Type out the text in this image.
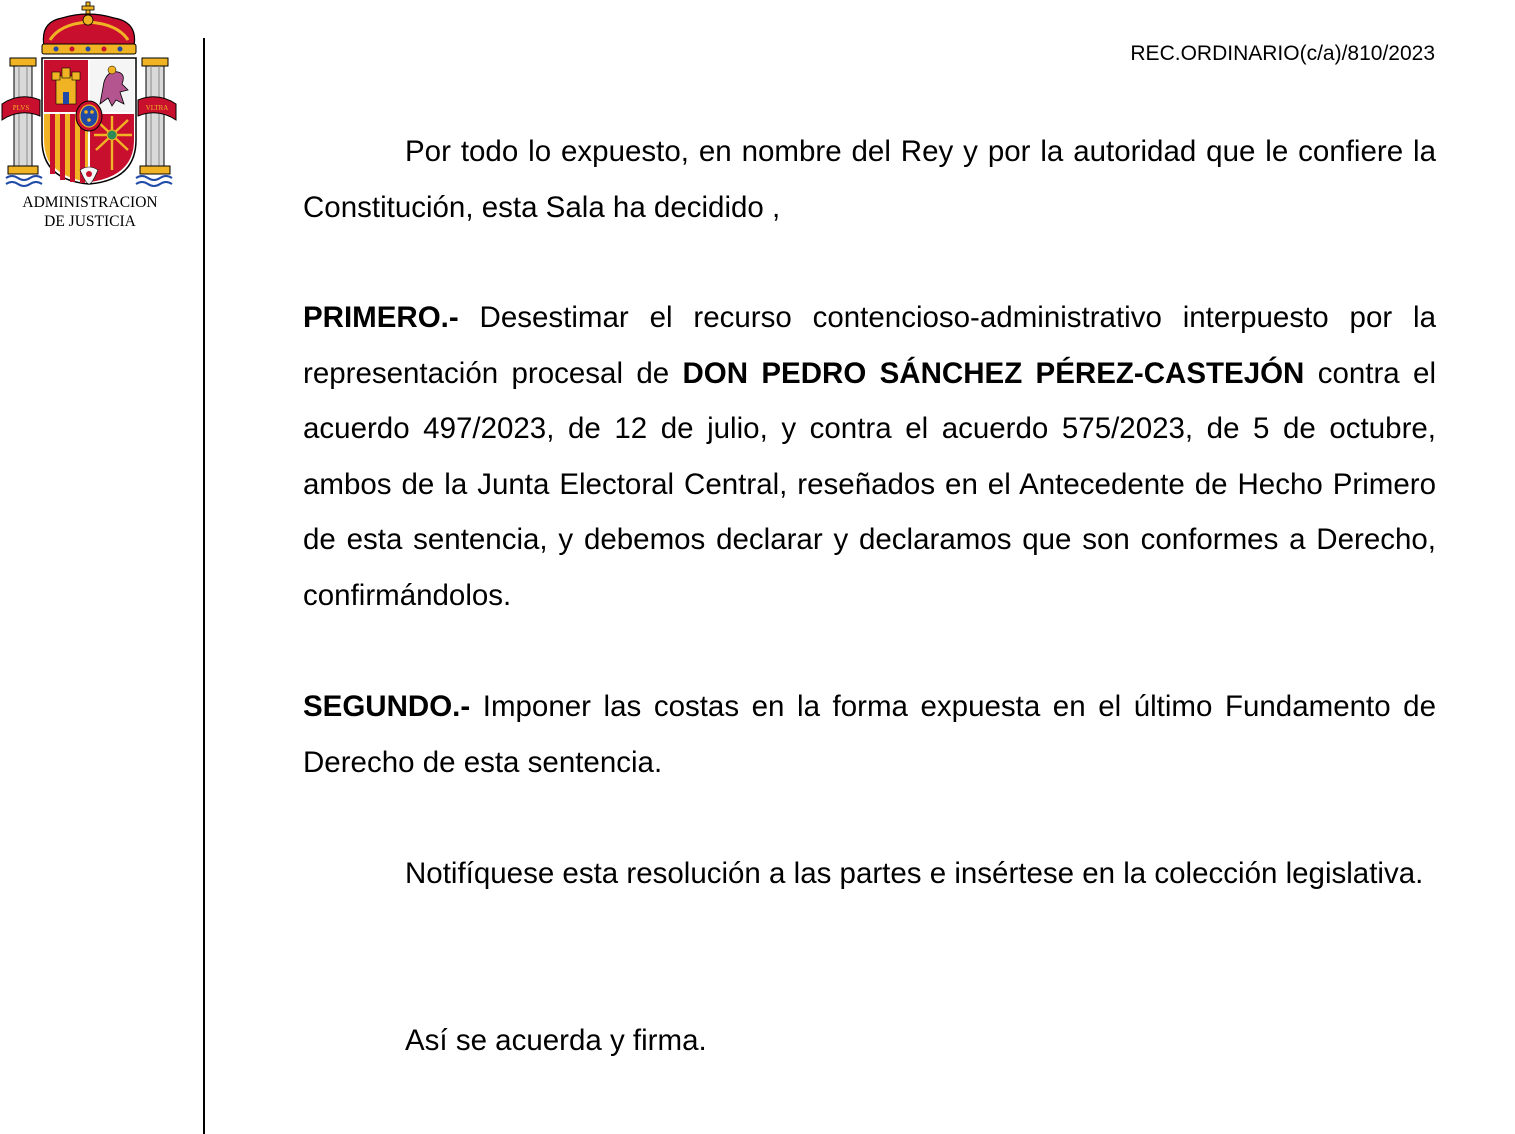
PLVS	VLTRA
ADMINISTRACION
DE JUSTICIA
REC.ORDINARIO(c/a)/810/2023

Por todo lo expuesto, en nombre del Rey y por la autoridad que le confiere la Constitución, esta Sala ha decidido ,

PRIMERO.- Desestimar el recurso contencioso-administrativo interpuesto por la representación procesal de DON PEDRO SÁNCHEZ PÉREZ-CASTEJÓN contra el acuerdo 497/2023, de 12 de julio, y contra el acuerdo 575/2023, de 5 de octubre, ambos de la Junta Electoral Central, reseñados en el Antecedente de Hecho Primero de esta sentencia, y debemos declarar y declaramos que son conformes a Derecho, confirmándolos.

SEGUNDO.- Imponer las costas en la forma expuesta en el último Fundamento de Derecho de esta sentencia.

Notifíquese esta resolución a las partes e insértese en la colección legislativa.

Así se acuerda y firma.
